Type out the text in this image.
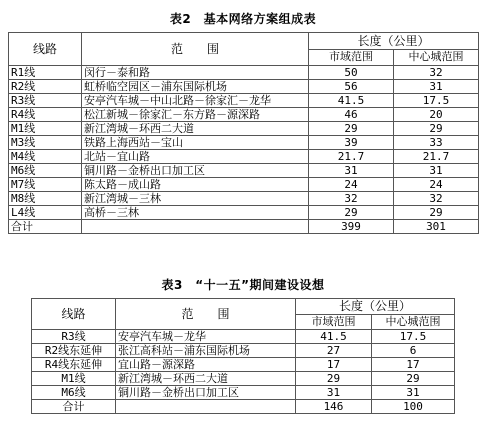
表2　基本网络方案组成表
线路	范　　围	长度（公里）	
		市域范围	中心城范围
R1线	闵行－泰和路	50	32
R2线	虹桥临空园区－浦东国际机场	56	31
R3线	安亭汽车城－中山北路－徐家汇－龙华	41.5	17.5
R4线	松江新城－徐家汇－东方路－源深路	46	20
M1线	新江湾城－环西二大道	29	29
M3线	铁路上海西站－宝山	39	33
M4线	北站－宜山路	21.7	21.7
M6线	铜川路－金桥出口加工区	31	31
M7线	陈太路－成山路	24	24
M8线	新江湾城－三林	32	32
L4线	高桥－三林	29	29
合计		399	301
表3　“十一五”期间建设设想
线路	范　　围	长度（公里）	
		市域范围	中心城范围
R3线	安亭汽车城－龙华	41.5	17.5
R2线东延伸	张江高科站－浦东国际机场	27	6
R4线东延伸	宜山路－源深路	17	17
M1线	新江湾城－环西二大道	29	29
M6线	铜川路－金桥出口加工区	31	31
合计		146	100
